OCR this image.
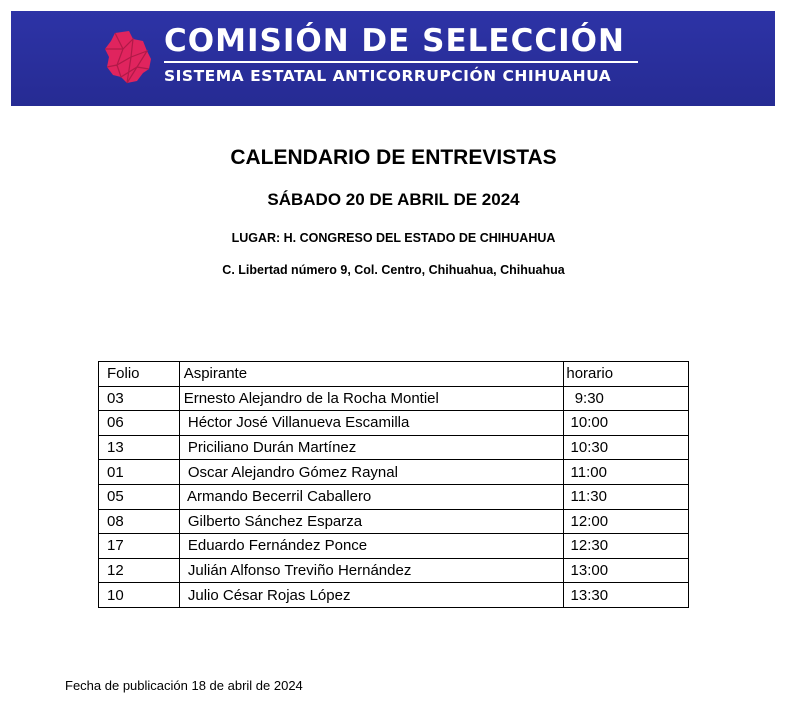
COMISIÓN DE SELECCIÓN
SISTEMA ESTATAL ANTICORRUPCIÓN CHIHUAHUA
CALENDARIO DE ENTREVISTAS
SÁBADO 20 DE ABRIL DE 2024
LUGAR: H. CONGRESO DEL ESTADO DE CHIHUAHUA
C. Libertad número 9, Col. Centro, Chihuahua, Chihuahua
Folio	Aspirante	horario
03	Ernesto Alejandro de la Rocha Montiel	9:30
06	Héctor José Villanueva Escamilla	10:00
13	Priciliano Durán Martínez	10:30
01	Oscar Alejandro Gómez Raynal	11:00
05	Armando Becerril Caballero	11:30
08	Gilberto Sánchez Esparza	12:00
17	Eduardo Fernández Ponce	12:30
12	Julián Alfonso Treviño Hernández	13:00
10	Julio César Rojas López	13:30
Fecha de publicación 18 de abril de 2024
